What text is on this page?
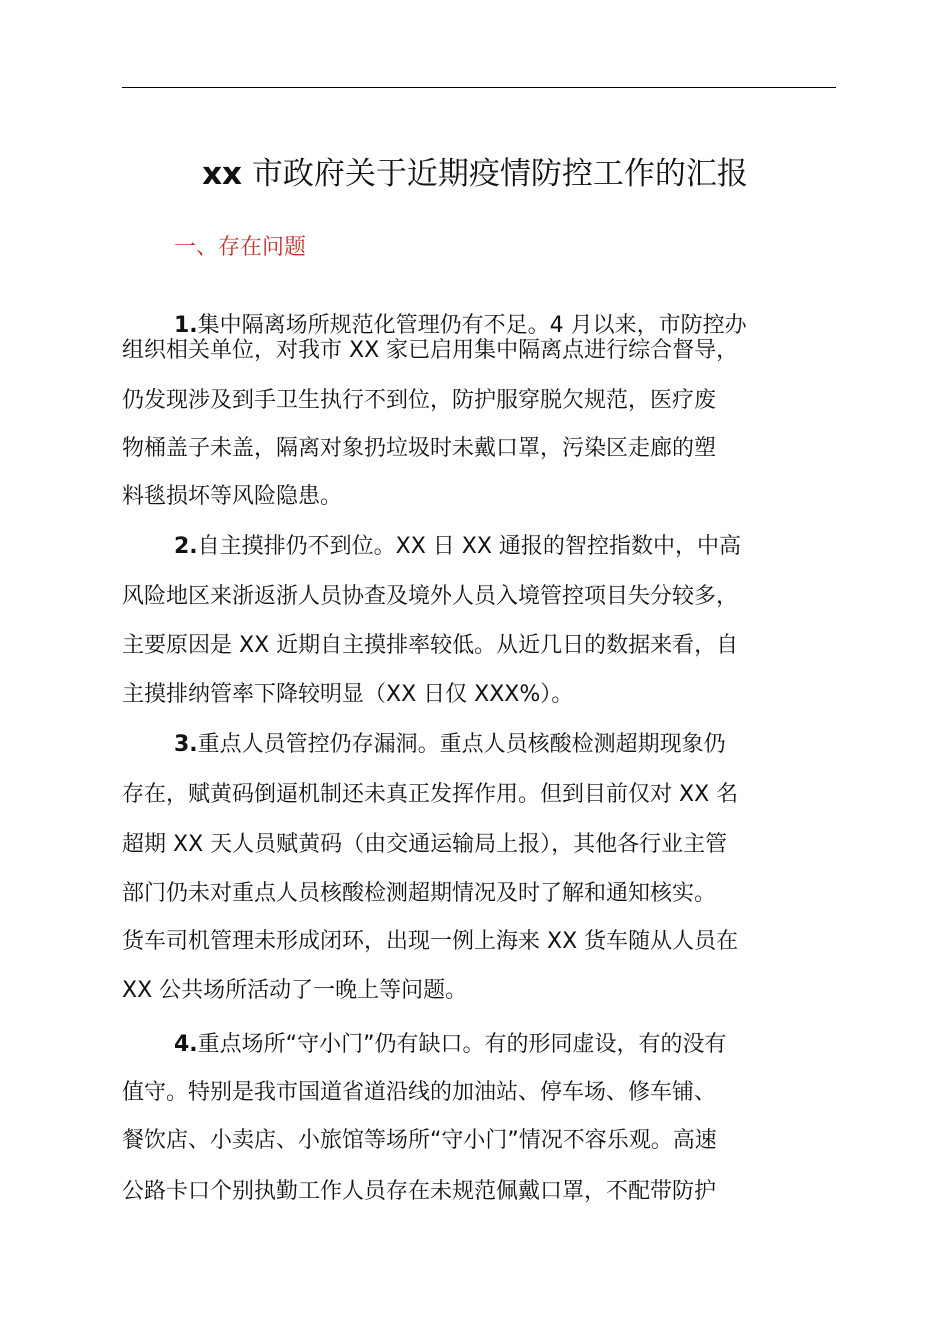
xx 市政府关于近期疫情防控工作的汇报
一、存在问题
1.集中隔离场所规范化管理仍有不足。4 月以来，市防控办
组织相关单位，对我市 XX 家已启用集中隔离点进行综合督导，
仍发现涉及到手卫生执行不到位，防护服穿脱欠规范，医疗废
物桶盖子未盖，隔离对象扔垃圾时未戴口罩，污染区走廊的塑
料毯损坏等风险隐患。
2.自主摸排仍不到位。XX 日 XX 通报的智控指数中，中高
风险地区来浙返浙人员协查及境外人员入境管控项目失分较多，
主要原因是 XX 近期自主摸排率较低。从近几日的数据来看，自
主摸排纳管率下降较明显（XX 日仅 XXX%）。
3.重点人员管控仍存漏洞。重点人员核酸检测超期现象仍
存在，赋黄码倒逼机制还未真正发挥作用。但到目前仅对 XX 名
超期 XX 天人员赋黄码（由交通运输局上报），其他各行业主管
部门仍未对重点人员核酸检测超期情况及时了解和通知核实。
货车司机管理未形成闭环，出现一例上海来 XX 货车随从人员在
XX 公共场所活动了一晚上等问题。
4.重点场所“守小门”仍有缺口。有的形同虚设，有的没有
值守。特别是我市国道省道沿线的加油站、停车场、修车铺、
餐饮店、小卖店、小旅馆等场所“守小门”情况不容乐观。高速
公路卡口个别执勤工作人员存在未规范佩戴口罩，不配带防护
